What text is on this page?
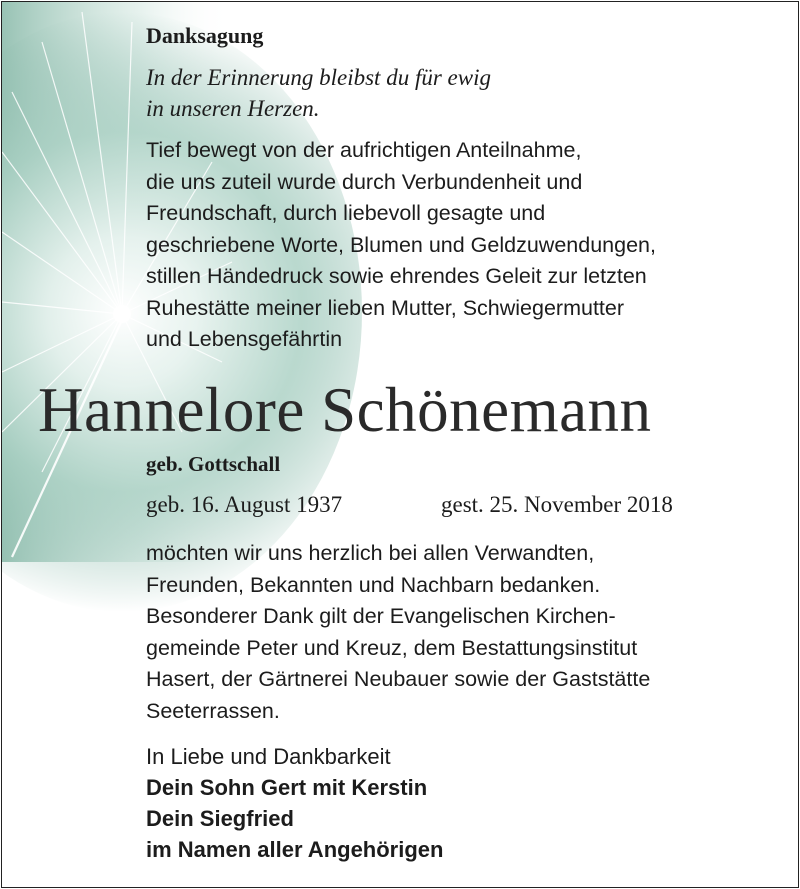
Danksagung
In der Erinnerung bleibst du für ewig
in unseren Herzen.
Tief bewegt von der aufrichtigen Anteilnahme,
die uns zuteil wurde durch Verbundenheit und
Freundschaft, durch liebevoll gesagte und
geschriebene Worte, Blumen und Geldzuwendungen,
stillen Händedruck sowie ehrendes Geleit zur letzten
Ruhestätte meiner lieben Mutter, Schwiegermutter
und Lebensgefährtin
Hannelore Schönemann
geb. Gottschall
geb. 16. August 1937	gest. 25. November 2018
möchten wir uns herzlich bei allen Verwandten,
Freunden, Bekannten und Nachbarn bedanken.
Besonderer Dank gilt der Evangelischen Kirchen-
gemeinde Peter und Kreuz, dem Bestattungsinstitut
Hasert, der Gärtnerei Neubauer sowie der Gaststätte
Seeterrassen.
In Liebe und Dankbarkeit
Dein Sohn Gert mit Kerstin
Dein Siegfried
im Namen aller Angehörigen
